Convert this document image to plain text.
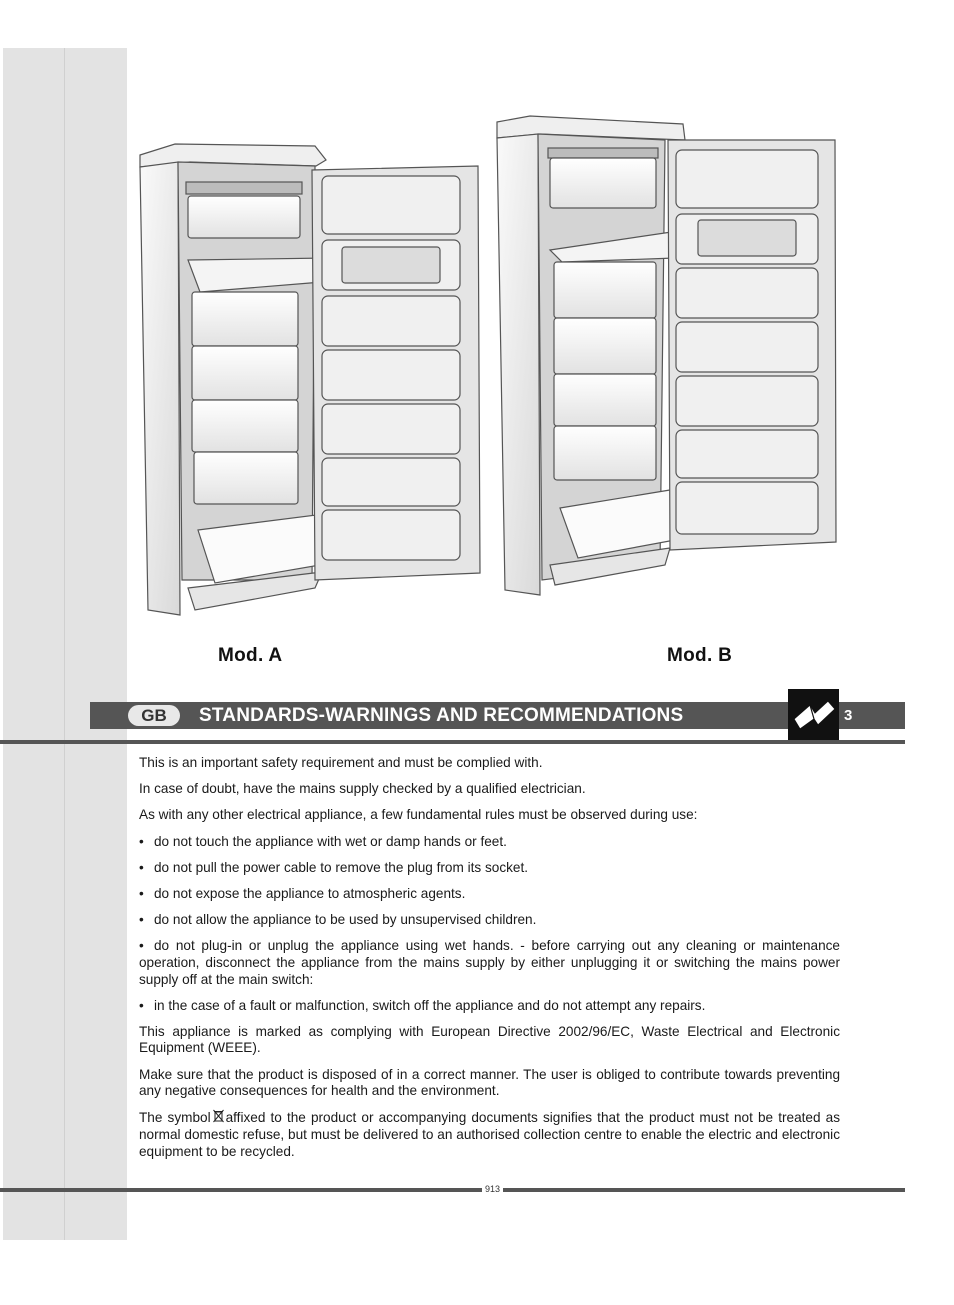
Mod. A	Mod. B
GB	STANDARDS-WARNINGS AND RECOMMENDATIONS	3

This is an important safety requirement and must be complied with.

In case of doubt, have the mains supply checked by a qualified electrician.

As with any other electrical appliance, a few fundamental rules must be observed during use:

• do not touch the appliance with wet or damp hands or feet.

• do not pull the power cable to remove the plug from its socket.

• do not expose the appliance to atmospheric agents.

• do not allow the appliance to be used by unsupervised children.

• do not plug-in or unplug the appliance using wet hands. - before carrying out any cleaning or maintenance operation, disconnect the appliance from the mains supply by either unplugging it or switching the mains power supply off at the main switch:

• in the case of a fault or malfunction, switch off the appliance and do not attempt any repairs.

This appliance is marked as complying with European Directive 2002/96/EC, Waste Electrical and Electronic Equipment (WEEE).

Make sure that the product is disposed of in a correct manner. The user is obliged to contribute towards preventing any negative consequences for health and the environment.

The symbol affixed to the product or accompanying documents signifies that the product must not be treated as normal domestic refuse, but must be delivered to an authorised collection centre to enable the electric and electronic equipment to be recycled.

913
